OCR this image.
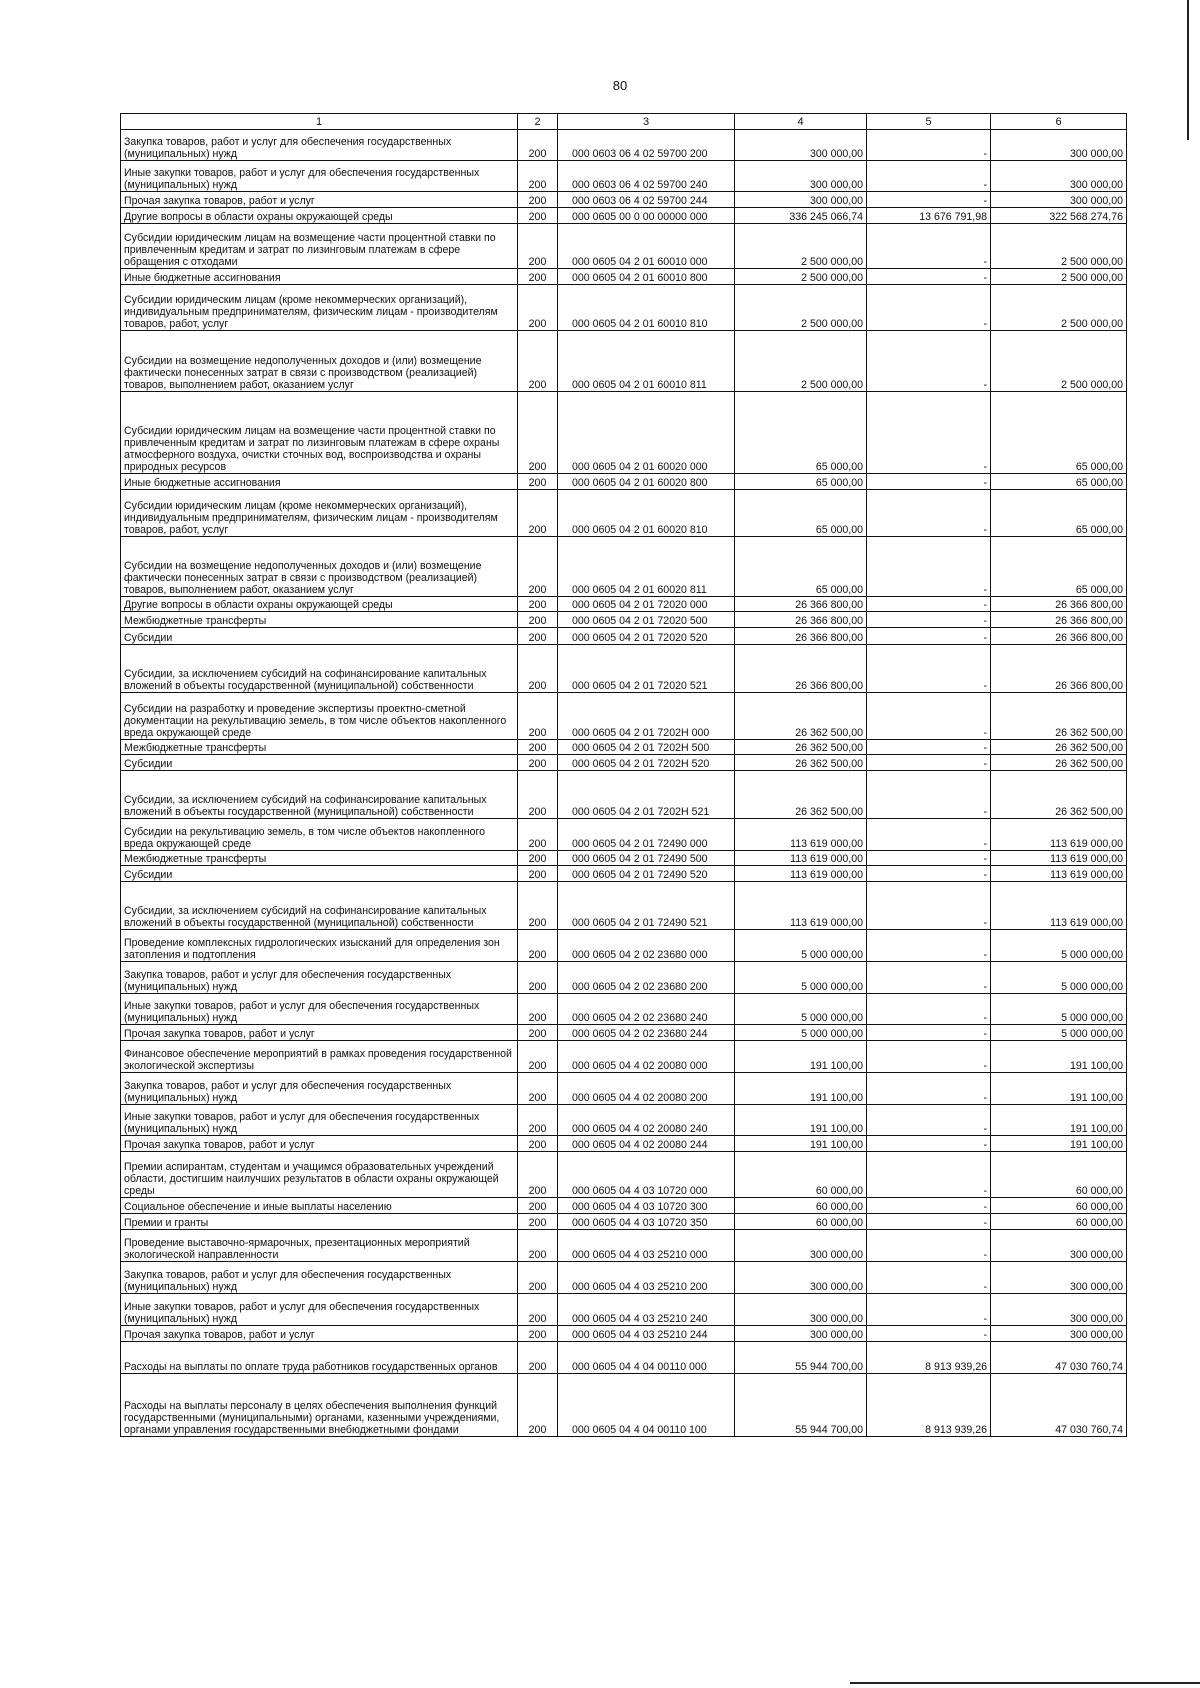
80
1	2	3	4	5	6
Закупка товаров, работ и услуг для обеспечения государственных (муниципальных) нужд	200	000 0603 06 4 02 59700 200	300 000,00	-	300 000,00
Иные закупки товаров, работ и услуг для обеспечения государственных (муниципальных) нужд	200	000 0603 06 4 02 59700 240	300 000,00	-	300 000,00
Прочая закупка товаров, работ и услуг	200	000 0603 06 4 02 59700 244	300 000,00	-	300 000,00
Другие вопросы в области охраны окружающей среды	200	000 0605 00 0 00 00000 000	336 245 066,74	13 676 791,98	322 568 274,76
Субсидии юридическим лицам на возмещение части процентной ставки по привлеченным кредитам и затрат по лизинговым платежам в сфере обращения с отходами	200	000 0605 04 2 01 60010 000	2 500 000,00	-	2 500 000,00
Иные бюджетные ассигнования	200	000 0605 04 2 01 60010 800	2 500 000,00	-	2 500 000,00
Субсидии юридическим лицам (кроме некоммерческих организаций), индивидуальным предпринимателям, физическим лицам - производителям товаров, работ, услуг	200	000 0605 04 2 01 60010 810	2 500 000,00	-	2 500 000,00
Субсидии на возмещение недополученных доходов и (или) возмещение фактически понесенных затрат в связи с производством (реализацией) товаров, выполнением работ, оказанием услуг	200	000 0605 04 2 01 60010 811	2 500 000,00	-	2 500 000,00
Субсидии юридическим лицам на возмещение части процентной ставки по привлеченным кредитам и затрат по лизинговым платежам в сфере охраны атмосферного воздуха, очистки сточных вод, воспроизводства и охраны природных ресурсов	200	000 0605 04 2 01 60020 000	65 000,00	-	65 000,00
Иные бюджетные ассигнования	200	000 0605 04 2 01 60020 800	65 000,00	-	65 000,00
Субсидии юридическим лицам (кроме некоммерческих организаций), индивидуальным предпринимателям, физическим лицам - производителям товаров, работ, услуг	200	000 0605 04 2 01 60020 810	65 000,00	-	65 000,00
Субсидии на возмещение недополученных доходов и (или) возмещение фактически понесенных затрат в связи с производством (реализацией) товаров, выполнением работ, оказанием услуг	200	000 0605 04 2 01 60020 811	65 000,00	-	65 000,00
Другие вопросы в области охраны окружающей среды	200	000 0605 04 2 01 72020 000	26 366 800,00	-	26 366 800,00
Межбюджетные трансферты	200	000 0605 04 2 01 72020 500	26 366 800,00	-	26 366 800,00
Субсидии	200	000 0605 04 2 01 72020 520	26 366 800,00	-	26 366 800,00
Субсидии, за исключением субсидий на софинансирование капитальных вложений в объекты государственной (муниципальной) собственности	200	000 0605 04 2 01 72020 521	26 366 800,00	-	26 366 800,00
Субсидии на разработку и проведение экспертизы проектно-сметной документации на рекультивацию земель, в том числе объектов накопленного вреда окружающей среде	200	000 0605 04 2 01 7202Н 000	26 362 500,00	-	26 362 500,00
Межбюджетные трансферты	200	000 0605 04 2 01 7202Н 500	26 362 500,00	-	26 362 500,00
Субсидии	200	000 0605 04 2 01 7202Н 520	26 362 500,00	-	26 362 500,00
Субсидии, за исключением субсидий на софинансирование капитальных вложений в объекты государственной (муниципальной) собственности	200	000 0605 04 2 01 7202Н 521	26 362 500,00	-	26 362 500,00
Субсидии на рекультивацию земель, в том числе объектов накопленного вреда окружающей среде	200	000 0605 04 2 01 72490 000	113 619 000,00	-	113 619 000,00
Межбюджетные трансферты	200	000 0605 04 2 01 72490 500	113 619 000,00	-	113 619 000,00
Субсидии	200	000 0605 04 2 01 72490 520	113 619 000,00	-	113 619 000,00
Субсидии, за исключением субсидий на софинансирование капитальных вложений в объекты государственной (муниципальной) собственности	200	000 0605 04 2 01 72490 521	113 619 000,00	-	113 619 000,00
Проведение комплексных гидрологических изысканий для определения зон затопления и подтопления	200	000 0605 04 2 02 23680 000	5 000 000,00	-	5 000 000,00
Закупка товаров, работ и услуг для обеспечения государственных (муниципальных) нужд	200	000 0605 04 2 02 23680 200	5 000 000,00	-	5 000 000,00
Иные закупки товаров, работ и услуг для обеспечения государственных (муниципальных) нужд	200	000 0605 04 2 02 23680 240	5 000 000,00	-	5 000 000,00
Прочая закупка товаров, работ и услуг	200	000 0605 04 2 02 23680 244	5 000 000,00	-	5 000 000,00
Финансовое обеспечение мероприятий в рамках проведения государственной экологической экспертизы	200	000 0605 04 4 02 20080 000	191 100,00	-	191 100,00
Закупка товаров, работ и услуг для обеспечения государственных (муниципальных) нужд	200	000 0605 04 4 02 20080 200	191 100,00	-	191 100,00
Иные закупки товаров, работ и услуг для обеспечения государственных (муниципальных) нужд	200	000 0605 04 4 02 20080 240	191 100,00	-	191 100,00
Прочая закупка товаров, работ и услуг	200	000 0605 04 4 02 20080 244	191 100,00	-	191 100,00
Премии аспирантам, студентам и учащимся образовательных учреждений области, достигшим наилучших результатов в области охраны окружающей среды	200	000 0605 04 4 03 10720 000	60 000,00	-	60 000,00
Социальное обеспечение и иные выплаты населению	200	000 0605 04 4 03 10720 300	60 000,00	-	60 000,00
Премии и гранты	200	000 0605 04 4 03 10720 350	60 000,00	-	60 000,00
Проведение выставочно-ярмарочных, презентационных мероприятий экологической направленности	200	000 0605 04 4 03 25210 000	300 000,00	-	300 000,00
Закупка товаров, работ и услуг для обеспечения государственных (муниципальных) нужд	200	000 0605 04 4 03 25210 200	300 000,00	-	300 000,00
Иные закупки товаров, работ и услуг для обеспечения государственных (муниципальных) нужд	200	000 0605 04 4 03 25210 240	300 000,00	-	300 000,00
Прочая закупка товаров, работ и услуг	200	000 0605 04 4 03 25210 244	300 000,00	-	300 000,00
Расходы на выплаты по оплате труда работников государственных органов	200	000 0605 04 4 04 00110 000	55 944 700,00	8 913 939,26	47 030 760,74
Расходы на выплаты персоналу в целях обеспечения выполнения функций государственными (муниципальными) органами, казенными учреждениями, органами управления государственными внебюджетными фондами	200	000 0605 04 4 04 00110 100	55 944 700,00	8 913 939,26	47 030 760,74
